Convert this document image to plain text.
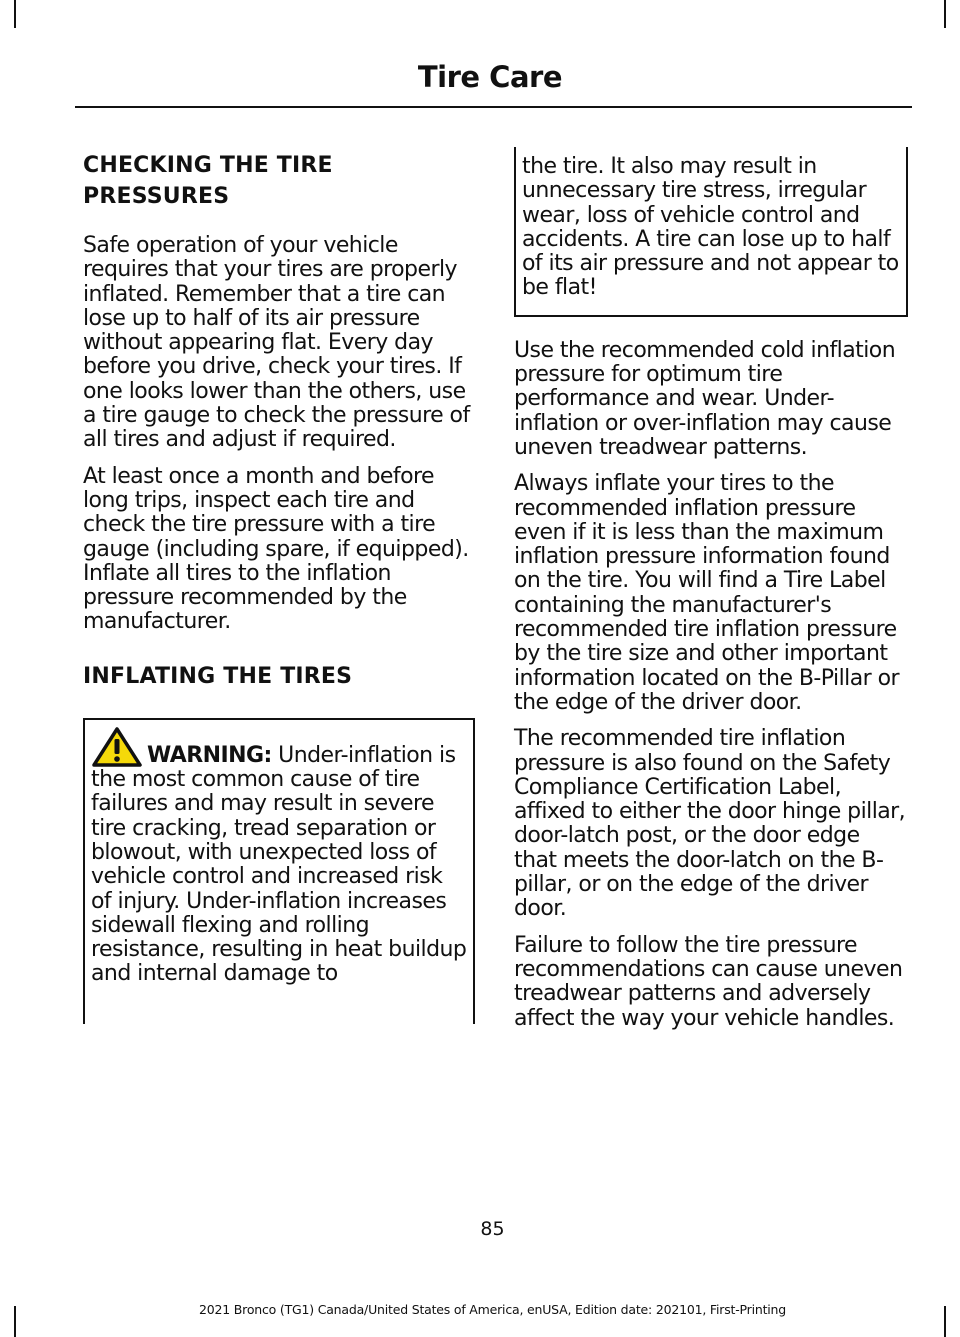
Tire Care
CHECKING THE TIRE PRESSURES

Safe operation of your vehicle requires that your tires are properly inflated. Remember that a tire can lose up to half of its air pressure without appearing flat. Every day before you drive, check your tires. If one looks lower than the others, use a tire gauge to check the pressure of all tires and adjust if required.

At least once a month and before long trips, inspect each tire and check the tire pressure with a tire gauge (including spare, if equipped). Inflate all tires to the inflation pressure recommended by the manufacturer.

INFLATING THE TIRES

WARNING: Under-inflation is the most common cause of tire failures and may result in severe tire cracking, tread separation or blowout, with unexpected loss of vehicle control and increased risk of injury. Under-inflation increases sidewall flexing and rolling resistance, resulting in heat buildup and internal damage to

the tire. It also may result in unnecessary tire stress, irregular wear, loss of vehicle control and accidents. A tire can lose up to half of its air pressure and not appear to be flat!

Use the recommended cold inflation pressure for optimum tire performance and wear. Under-inflation or over-inflation may cause uneven treadwear patterns.

Always inflate your tires to the recommended inflation pressure even if it is less than the maximum inflation pressure information found on the tire. You will find a Tire Label containing the manufacturer's recommended tire inflation pressure by the tire size and other important information located on the B-Pillar or the edge of the driver door.

The recommended tire inflation pressure is also found on the Safety Compliance Certification Label, affixed to either the door hinge pillar, door-latch post, or the door edge that meets the door-latch on the B-pillar, or on the edge of the driver door.

Failure to follow the tire pressure recommendations can cause uneven treadwear patterns and adversely affect the way your vehicle handles.

85
2021 Bronco (TG1) Canada/United States of America, enUSA, Edition date: 202101, First-Printing
